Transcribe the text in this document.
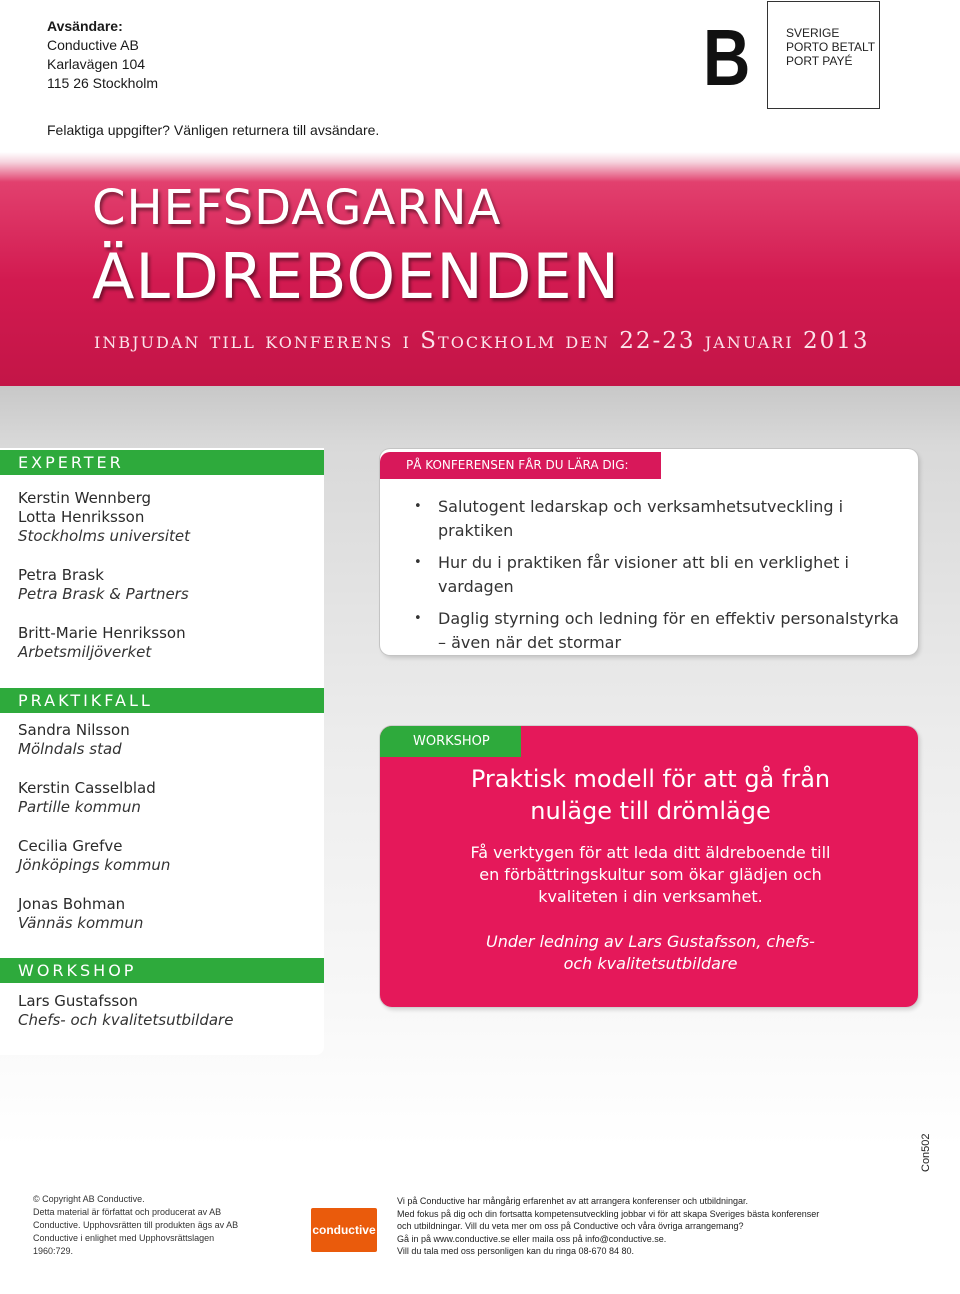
Avsändare:
Conductive AB
Karlavägen 104
115 26 Stockholm	B	SVERIGE
PORTO BETALT
PORT PAYÉ
Felaktiga uppgifter? Vänligen returnera till avsändare.
CHEFSDAGARNA
ÄLDREBOENDEN
inbjudan till konferens i Stockholm den 22-23 januari 2013
EXPERTER
Kerstin Wennberg
Lotta Henriksson
Stockholms universitet
Petra Brask
Petra Brask & Partners
Britt-Marie Henriksson
Arbetsmiljöverket
PRAKTIKFALL
Sandra Nilsson
Mölndals stad
Kerstin Casselblad
Partille kommun
Cecilia Grefve
Jönköpings kommun
Jonas Bohman
Vännäs kommun
WORKSHOP
Lars Gustafsson
Chefs- och kvalitetsutbildare
PÅ KONFERENSEN FÅR DU LÄRA DIG:
• Salutogent ledarskap och verksamhetsutveckling i praktiken
• Hur du i praktiken får visioner att bli en verklighet i vardagen
• Daglig styrning och ledning för en effektiv personalstyrka – även när det stormar
WORKSHOP
Praktisk modell för att gå från
nuläge till drömläge
Få verktygen för att leda ditt äldreboende till
en förbättringskultur som ökar glädjen och
kvaliteten i din verksamhet.
Under ledning av Lars Gustafsson, chefs-
och kvalitetsutbildare
© Copyright AB Conductive.
Detta material är författat och producerat av AB Conductive. Upphovsrätten till produkten ägs av AB Conductive i enlighet med Upphovsrättslagen 1960:729.
conductive
Vi på Conductive har mångårig erfarenhet av att arrangera konferenser och utbildningar.
Med fokus på dig och din fortsatta kompetensutveckling jobbar vi för att skapa Sveriges bästa konferenser och utbildningar. Vill du veta mer om oss på Conductive och våra övriga arrangemang?
Gå in på www.conductive.se eller maila oss på info@conductive.se.
Vill du tala med oss personligen kan du ringa 08-670 84 80.
Con502
